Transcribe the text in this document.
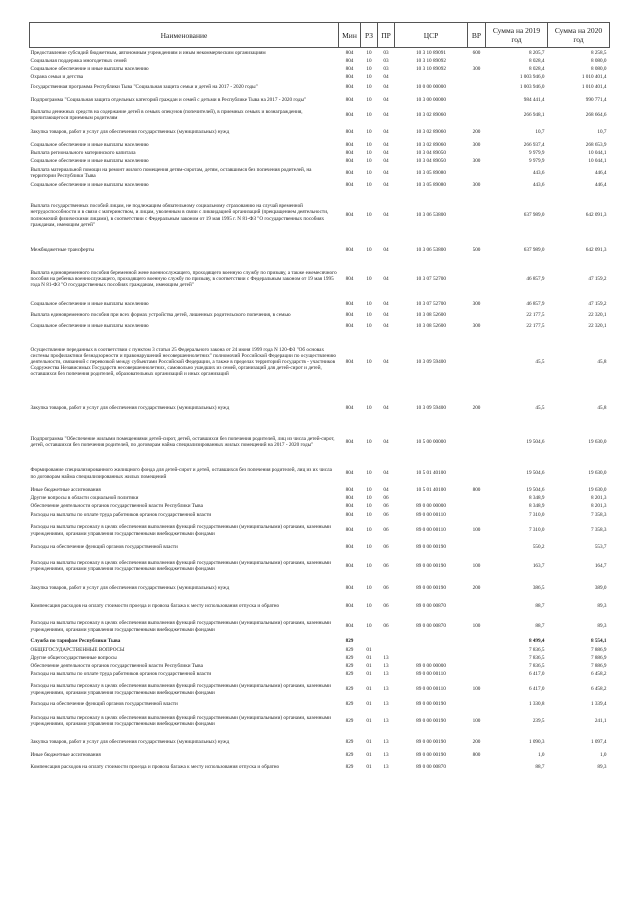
Наименование	Мин	РЗ	ПР	ЦСР	ВР	Сумма на 2019 год	Сумма на 2020 год
Предоставление субсидий бюджетным, автономным учреждениям и иным некоммерческим организациям	804	10	03	10 3 10 89091	600	8 205,7	8 258,5
Социальная поддержка многодетных семей	804	10	03	10 3 10 89092		8 028,4	8 080,0
Социальное обеспечение и иные выплаты населению	804	10	03	10 3 10 89092	300	8 028,4	8 080,0
Охрана семьи и детства	804	10	04			1 003 946,0	1 010 401,4
Государственная программа Республики Тыва "Социальная защита семьи и детей на 2017 - 2020 годы"	804	10	04	10 0 00 00000		1 003 946,0	1 010 401,4
Подпрограмма "Социальная защита отдельных категорий граждан и семей с детьми в Республике Тыва на 2017 - 2020 годы"	804	10	04	10 3 00 00000		984 441,4	990 771,4
Выплаты денежных средств на содержание детей в семьях опекунов (попечителей), в приемных семьях и вознаграждения, причитающегося приемным родителям	804	10	04	10 3 02 89060		266 948,1	268 664,6
Закупка товаров, работ и услуг для обеспечения государственных (муниципальных) нужд	804	10	04	10 3 02 89060	200	10,7	10,7
Социальное обеспечение и иные выплаты населению	804	10	04	10 3 02 89060	300	266 937,4	268 653,9
Выплата регионального материнского капитала	804	10	04	10 3 04 89050		9 979,9	10 044,1
Социальное обеспечение и иные выплаты населению	804	10	04	10 3 04 89050	300	9 979,9	10 044,1
Выплата материальной помощи на ремонт жилого помещения детям-сиротам, детям, оставшимся без попечения родителей, на территории Республики Тыва	804	10	04	10 3 05 89080		443,6	446,4
Социальное обеспечение и иные выплаты населению	804	10	04	10 3 05 89080	300	443,6	446,4
Выплата государственных пособий лицам, не подлежащим обязательному социальному страхованию на случай временной нетрудоспособности и в связи с материнством, и лицам, уволенным в связи с ликвидацией организаций (прекращением деятельности, полномочий физическими лицами), в соответствии с Федеральным законом от 19 мая 1995 г. N 81-ФЗ "О государственных пособиях гражданам, имеющим детей"	804	10	04	10 3 06 53800		637 989,0	642 091,3
Межбюджетные трансферты	804	10	04	10 3 06 53800	500	637 989,0	642 091,3
Выплата единовременного пособия беременной жене военнослужащего, проходящего военную службу по призыву, а также ежемесячного пособия на ребенка военнослужащего, проходящего военную службу по призыву, в соответствии с Федеральным законом от 19 мая 1995 года N 81-ФЗ "О государственных пособиях гражданам, имеющим детей"	804	10	04	10 3 07 52700		46 857,9	47 159,2
Социальное обеспечение и иные выплаты населению	804	10	04	10 3 07 52700	300	46 857,9	47 159,2
Выплата единовременного пособия при всех формах устройства детей, лишенных родительского попечения, в семью	804	10	04	10 3 08 52600		22 177,5	22 320,1
Социальное обеспечение и иные выплаты населению	804	10	04	10 3 08 52600	300	22 177,5	22 320,1
Осуществление переданных в соответствии с пунктом 3 статьи 25 Федерального закона от 24 июня 1999 года N 120-ФЗ "Об основах системы профилактики безнадзорности и правонарушений несовершеннолетних" полномочий Российской Федерации по осуществлению деятельности, связанной с перевозкой между субъектами Российской Федерации, а также в пределах территорий государств - участников Содружества Независимых Государств несовершеннолетних, самовольно ушедших из семей, организаций для детей-сирот и детей, оставшихся без попечения родителей, образовательных организаций и иных организаций	804	10	04	10 3 09 59400		45,5	45,8
Закупка товаров, работ и услуг для обеспечения государственных (муниципальных) нужд	804	10	04	10 3 09 59400	200	45,5	45,8
Подпрограмма "Обеспечение жилыми помещениями детей-сирот, детей, оставшихся без попечения родителей, лиц из числа детей-сирот, детей, оставшихся без попечения родителей, по договорам найма специализированных жилых помещений на 2017 - 2020 годы"	804	10	04	10 5 00 00000		19 504,6	19 630,0
Формирование специализированного жилищного фонда для детей-сирот и детей, оставшихся без попечения родителей, лиц из их числа по договорам найма специализированных жилых помещений	804	10	04	10 5 01 40100		19 504,6	19 630,0
Иные бюджетные ассигнования	804	10	04	10 5 01 40100	800	19 504,6	19 630,0
Другие вопросы в области социальной политики	804	10	06			8 348,9	8 201,3
Обеспечение деятельности органов государственной власти Республики Тыва	804	10	06	89 0 00 00000		8 348,9	8 201,3
Расходы на выплаты по оплате труда работников органов государственной власти	804	10	06	89 0 00 00110		7 310,0	7 358,3
Расходы на выплаты персоналу в целях обеспечения выполнения функций государственными (муниципальными) органами, казенными учреждениями, органами управления государственными внебюджетными фондами	804	10	06	89 0 00 00110	100	7 310,0	7 358,3
Расходы на обеспечение функций органов государственной власти	804	10	06	89 0 00 00190		550,2	553,7
Расходы на выплаты персоналу в целях обеспечения выполнения функций государственными (муниципальными) органами, казенными учреждениями, органами управления государственными внебюджетными фондами	804	10	06	89 0 00 00190	100	163,7	164,7
Закупка товаров, работ и услуг для обеспечения государственных (муниципальных) нужд	804	10	06	89 0 00 00190	200	386,5	389,0
Компенсация расходов на оплату стоимости проезда и провоза багажа к месту использования отпуска и обратно	804	10	06	89 0 00 00870		88,7	89,3
Расходы на выплаты персоналу в целях обеспечения выполнения функций государственными (муниципальными) органами, казенными учреждениями, органами управления государственными внебюджетными фондами	804	10	06	89 0 00 00870	100	88,7	89,3
Служба по тарифам Республики Тыва	829					8 499,4	8 554,1
ОБЩЕГОСУДАРСТВЕННЫЕ ВОПРОСЫ	829	01				7 836,5	7 886,9
Другие общегосударственные вопросы	829	01	13			7 836,5	7 886,9
Обеспечение деятельности органов государственной власти Республики Тыва	829	01	13	89 0 00 00000		7 836,5	7 886,9
Расходы на выплаты по оплате труда работников органов государственной власти	829	01	13	89 0 00 00110		6 417,0	6 458,2
Расходы на выплаты персоналу в целях обеспечения выполнения функций государственными (муниципальными) органами, казенными учреждениями, органами управления государственными внебюджетными фондами	829	01	13	89 0 00 00110	100	6 417,0	6 458,2
Расходы на обеспечение функций органов государственной власти	829	01	13	89 0 00 00190		1 330,8	1 339,4
Расходы на выплаты персоналу в целях обеспечения выполнения функций государственными (муниципальными) органами, казенными учреждениями, органами управления государственными внебюджетными фондами	829	01	13	89 0 00 00190	100	239,5	241,1
Закупка товаров, работ и услуг для обеспечения государственных (муниципальных) нужд	829	01	13	89 0 00 00190	200	1 090,3	1 097,4
Иные бюджетные ассигнования	829	01	13	89 0 00 00190	800	1,0	1,0
Компенсация расходов на оплату стоимости проезда и провоза багажа к месту использования отпуска и обратно	829	01	13	89 0 00 00870		88,7	89,3
